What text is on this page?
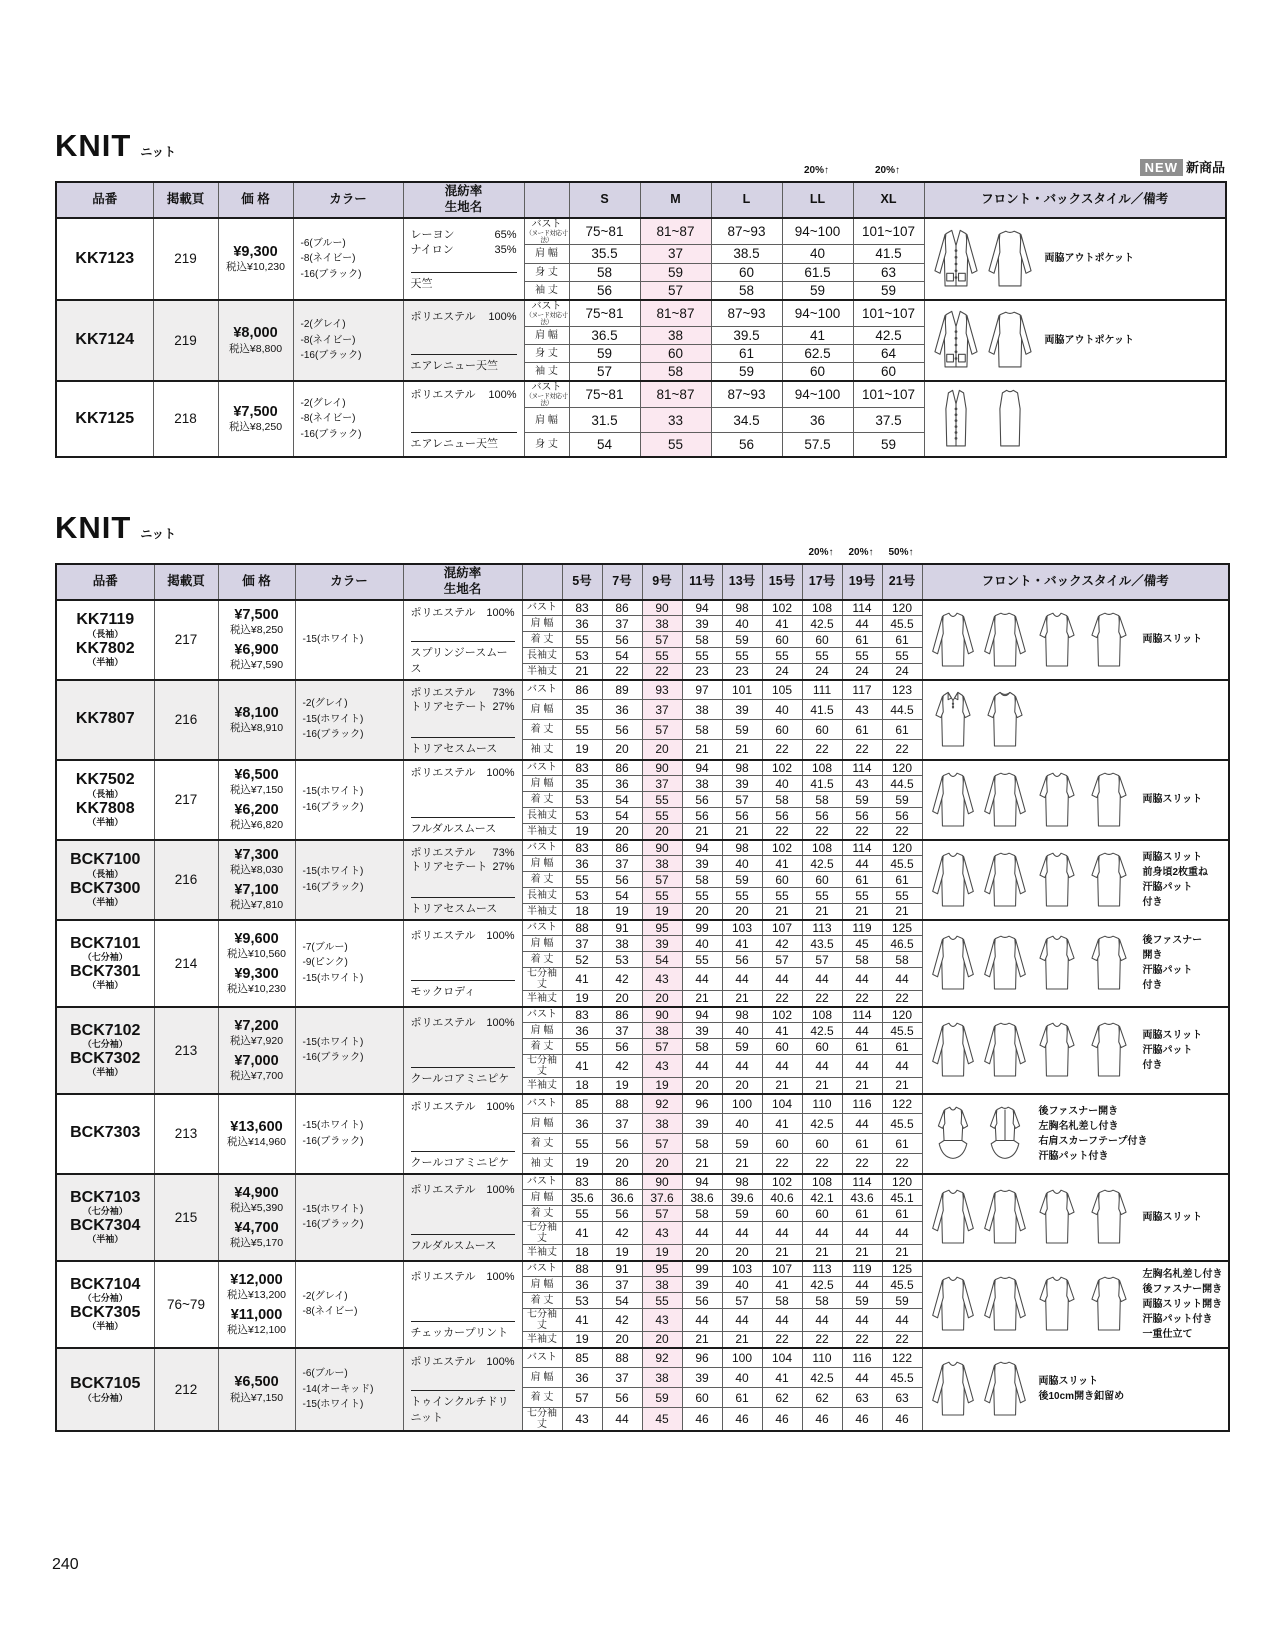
KNIT ニット
20%↑	20%↑	NEW 新商品
品番	掲載頁	価 格	カラー	混紡率
生地名		S	M	L	LL	XL	フロント・バックスタイル／備考

KK7123	219	¥9,300
税込¥10,230

-6(ブルー)
-8(ネイビー)
-16(ブラック)

レーヨン	65%
ナイロン	35%
天竺
	バスト
（ヌード対応寸法）
	75~81	81~87	87~93	94~100	101~107	
両脇アウトポケット

					肩 幅	35.5	37	38.5	40	41.5	
					身 丈	58	59	60	61.5	63	
					袖 丈	56	57	58	59	59	

KK7124	219	¥8,000
税込¥8,800

-2(グレイ)
-8(ネイビー)
-16(ブラック)

ポリエステル 100%
エアレニュー天竺
	バスト
（ヌード対応寸法）
	75~81	81~87	87~93	94~100	101~107	
両脇アウトポケット

					肩 幅	36.5	38	39.5	41	42.5	
					身 丈	59	60	61	62.5	64	
					袖 丈	57	58	59	60	60	

KK7125	218	¥7,500
税込¥8,250

-2(グレイ)
-8(ネイビー)
-16(ブラック)

ポリエステル 100%
エアレニュー天竺
	バスト
（ヌード対応寸法）
	75~81	81~87	87~93	94~100	101~107	

					肩 幅	31.5	33	34.5	36	37.5	
					身 丈	54	55	56	57.5	59	
KNIT ニット
20%↑	20%↑	50%↑
品番	掲載頁	価 格	カラー	混紡率
生地名		5号	7号	9号	11号	13号	15号	17号	19号	21号	フロント・バックスタイル／備考

KK7119
（長袖）
KK7802
（半袖）
	217	
¥7,500
税込¥8,250
¥6,900
税込¥7,590

-15(ホワイト)

ポリエステル 100%
スプリンジースムース
	バスト	83	86	90	94	98	102	108	114	120	
両脇スリット

					肩 幅	36	37	38	39	40	41	42.5	44	45.5	
					着 丈	55	56	57	58	59	60	60	61	61	
					長袖丈	53	54	55	55	55	55	55	55	55	
					半袖丈	21	22	22	23	23	24	24	24	24	

KK7807	216	¥8,100
税込¥8,910

-2(グレイ)
-15(ホワイト)
-16(ブラック)

ポリエステル 73%
トリアセテート 27%
トリアセスムース
	バスト	86	89	93	97	101	105	111	117	123	

					肩 幅	35	36	37	38	39	40	41.5	43	44.5	
					着 丈	55	56	57	58	59	60	60	61	61	
					袖 丈	19	20	20	21	21	22	22	22	22	

KK7502
（長袖）
KK7808
（半袖）
	217	
¥6,500
税込¥7,150
¥6,200
税込¥6,820

-15(ホワイト)
-16(ブラック)

ポリエステル 100%
フルダルスムース
	バスト	83	86	90	94	98	102	108	114	120	
両脇スリット

					肩 幅	35	36	37	38	39	40	41.5	43	44.5	
					着 丈	53	54	55	56	57	58	58	59	59	
					長袖丈	53	54	55	56	56	56	56	56	56	
					半袖丈	19	20	20	21	21	22	22	22	22	

BCK7100
（長袖）
BCK7300
（半袖）
	216	
¥7,300
税込¥8,030
¥7,100
税込¥7,810

-15(ホワイト)
-16(ブラック)

ポリエステル 73%
トリアセテート 27%
トリアセスムース
	バスト	83	86	90	94	98	102	108	114	120	
両脇スリット
前身頃2枚重ね
汗脇パット
付き

					肩 幅	36	37	38	39	40	41	42.5	44	45.5	
					着 丈	55	56	57	58	59	60	60	61	61	
					長袖丈	53	54	55	55	55	55	55	55	55	
					半袖丈	18	19	19	20	20	21	21	21	21	

BCK7101
（七分袖）
BCK7301
（半袖）
	214	
¥9,600
税込¥10,560
¥9,300
税込¥10,230

-7(ブルー)
-9(ピンク)
-15(ホワイト)

ポリエステル 100%
モックロディ
	バスト	88	91	95	99	103	107	113	119	125	
後ファスナー
開き
汗脇パット
付き

					肩 幅	37	38	39	40	41	42	43.5	45	46.5	
					着 丈	52	53	54	55	56	57	57	58	58	
					七分袖丈	41	42	43	44	44	44	44	44	44	
					半袖丈	19	20	20	21	21	22	22	22	22	

BCK7102
（七分袖）
BCK7302
（半袖）
	213	
¥7,200
税込¥7,920
¥7,000
税込¥7,700

-15(ホワイト)
-16(ブラック)

ポリエステル 100%
クールコアミニピケ
	バスト	83	86	90	94	98	102	108	114	120	
両脇スリット
汗脇パット
付き

					肩 幅	36	37	38	39	40	41	42.5	44	45.5	
					着 丈	55	56	57	58	59	60	60	61	61	
					七分袖丈	41	42	43	44	44	44	44	44	44	
					半袖丈	18	19	19	20	20	21	21	21	21	

BCK7303	213	¥13,600
税込¥14,960

-15(ホワイト)
-16(ブラック)

ポリエステル 100%
クールコアミニピケ
	バスト	85	88	92	96	100	104	110	116	122	
後ファスナー開き
左胸名札差し付き
右肩スカーフテープ付き
汗脇パット付き

					肩 幅	36	37	38	39	40	41	42.5	44	45.5	
					着 丈	55	56	57	58	59	60	60	61	61	
					袖 丈	19	20	20	21	21	22	22	22	22	

BCK7103
（七分袖）
BCK7304
（半袖）
	215	
¥4,900
税込¥5,390
¥4,700
税込¥5,170

-15(ホワイト)
-16(ブラック)

ポリエステル 100%
フルダルスムース
	バスト	83	86	90	94	98	102	108	114	120	
両脇スリット

					肩 幅	35.6	36.6	37.6	38.6	39.6	40.6	42.1	43.6	45.1	
					着 丈	55	56	57	58	59	60	60	61	61	
					七分袖丈	41	42	43	44	44	44	44	44	44	
					半袖丈	18	19	19	20	20	21	21	21	21	

BCK7104
（七分袖）
BCK7305
（半袖）
	76~79	
¥12,000
税込¥13,200
¥11,000
税込¥12,100

-2(グレイ)
-8(ネイビー)

ポリエステル 100%
チェッカープリント
	バスト	88	91	95	99	103	107	113	119	125	左胸名札差し付き
後ファスナー開き
両脇スリット開き
汗脇パット付き
一重仕立て

					肩 幅	36	37	38	39	40	41	42.5	44	45.5	
					着 丈	53	54	55	56	57	58	58	59	59	
					七分袖丈	41	42	43	44	44	44	44	44	44	
					半袖丈	19	20	20	21	21	22	22	22	22	

BCK7105
（七分袖）
	212	¥6,500
税込¥7,150

-6(ブルー)
-14(オーキッド)
-15(ホワイト)

ポリエステル 100%
トゥインクルチドリニット
	バスト	85	88	92	96	100	104	110	116	122	
両脇スリット
後10cm開き釦留め

					肩 幅	36	37	38	39	40	41	42.5	44	45.5	
					着 丈	57	56	59	60	61	62	62	63	63	
					七分袖丈	43	44	45	46	46	46	46	46	46	
240
